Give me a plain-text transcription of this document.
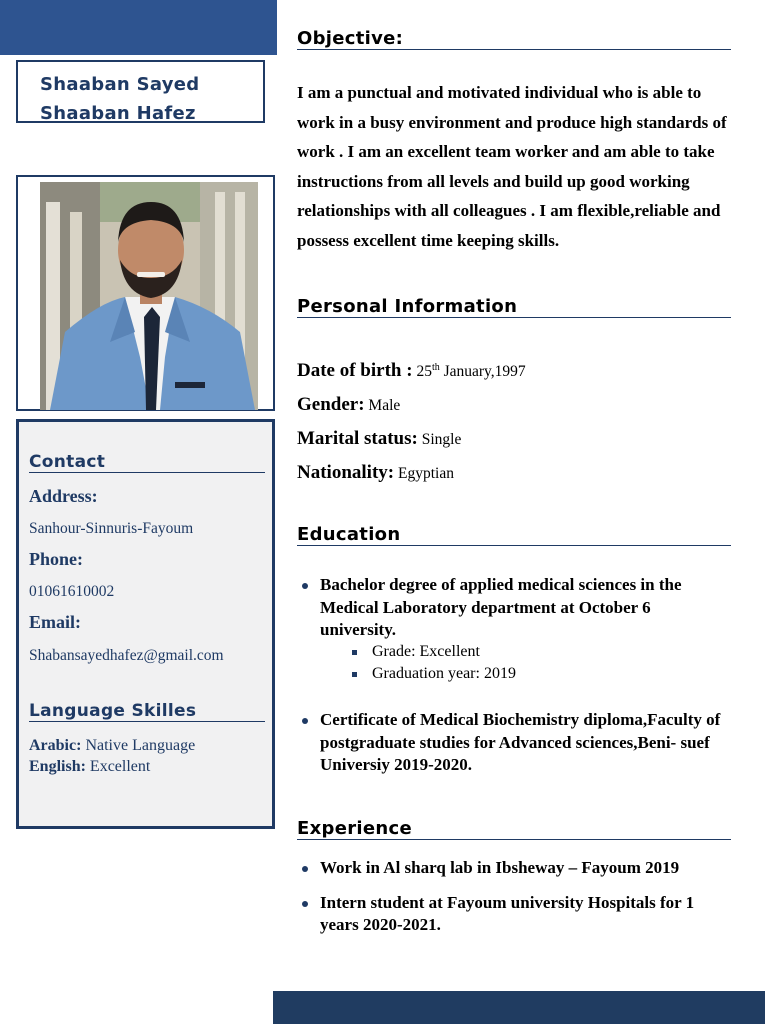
Shaaban Sayed
Shaaban Hafez
Contact
Address:
Sanhour-Sinnuris-Fayoum
Phone:
01061610002
Email:
Shabansayedhafez@gmail.com
Language Skilles
Arabic: Native Language
English: Excellent
Objective:
I am a punctual and motivated individual who is able to work in a busy environment and produce high standards of work . I am an excellent team worker and am able to take instructions from all levels and build up good working relationships with all colleagues . I am flexible,reliable and possess excellent time keeping skills.
Personal Information
Date of birth : 25th January,1997
Gender: Male
Marital status: Single
Nationality: Egyptian
Education
Bachelor degree of applied medical sciences in the Medical Laboratory department at October 6 university.
Grade: Excellent
Graduation year: 2019
Certificate of Medical Biochemistry diploma,Faculty of postgraduate studies for Advanced sciences,Beni- suef Universiy 2019-2020.
Experience
Work in Al sharq lab in Ibsheway – Fayoum 2019
Intern student at Fayoum university Hospitals for 1 years 2020-2021.
